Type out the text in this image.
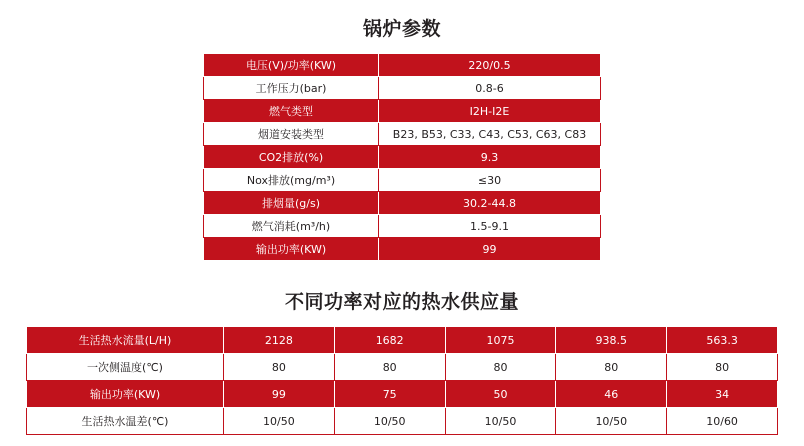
锅炉参数
电压(V)/功率(KW)	220/0.5
工作压力(bar)	0.8-6
燃气类型	I2H-I2E
烟道安装类型	B23, B53, C33, C43, C53, C63, C83
CO2排放(%)	9.3
Nox排放(mg/m³)	≤30
排烟量(g/s)	30.2-44.8
燃气消耗(m³/h)	1.5-9.1
输出功率(KW)	99
不同功率对应的热水供应量
生活热水流量(L/H)	2128	1682	1075	938.5	563.3
一次侧温度(℃)	80	80	80	80	80
输出功率(KW)	99	75	50	46	34
生活热水温差(℃)	10/50	10/50	10/50	10/50	10/60
